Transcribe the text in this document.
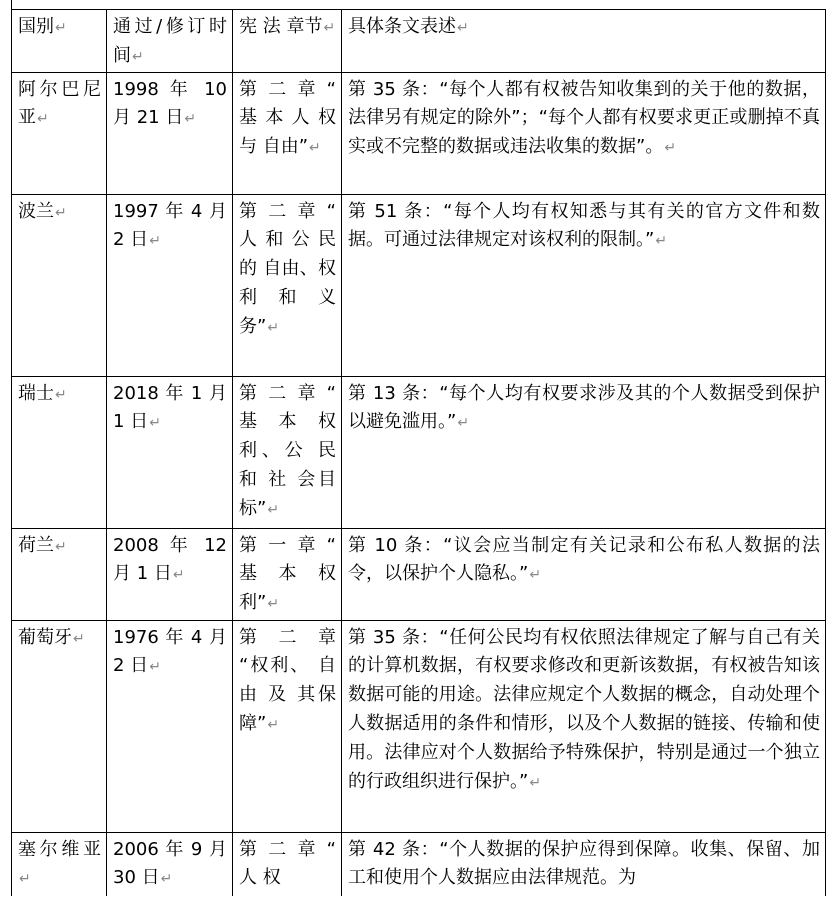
国别↵	通过/修订时间↵	宪 法 章节↵	具体条文表述↵
阿尔巴尼亚↵	1998 年 10 月 21 日↵	第 二 章 “ 基 本 人 权 与 自由”↵	第 35 条：“每个人都有权被告知收集到的关于他的数据，法律另有规定的除外”；“每个人都有权要求更正或删掉不真实或不完整的数据或违法收集的数据”。↵
波兰↵	1997 年 4 月 2 日↵	第 二 章 “ 人 和 公 民 的 自由、权 利 和 义 务”↵	第 51 条：“每个人均有权知悉与其有关的官方文件和数据。可通过法律规定对该权利的限制。”↵
瑞士↵	2018 年 1 月 1 日↵	第 二 章 “ 基 本 权利、公 民 和 社 会目标”↵	第 13 条：“每个人均有权要求涉及其的个人数据受到保护以避免滥用。”↵
荷兰↵	2008 年 12 月 1 日↵	第 一 章 “ 基 本 权利”↵	第 10 条：“议会应当制定有关记录和公布私人数据的法令，以保护个人隐私。”↵
葡萄牙↵	1976 年 4 月 2 日↵	第 二 章 “权利、 自 由 及 其保障”↵	第 35 条：“任何公民均有权依照法律规定了解与自己有关的计算机数据，有权要求修改和更新该数据，有权被告知该数据可能的用途。法律应规定个人数据的概念，自动处理个人数据适用的条件和情形，以及个人数据的链接、传输和使用。法律应对个人数据给予特殊保护，特别是通过一个独立的行政组织进行保护。”↵
塞尔维亚↵	2006 年 9 月 30 日↵	第 二 章 “ 人 权	第 42 条：“个人数据的保护应得到保障。收集、保留、加工和使用个人数据应由法律规范。为
